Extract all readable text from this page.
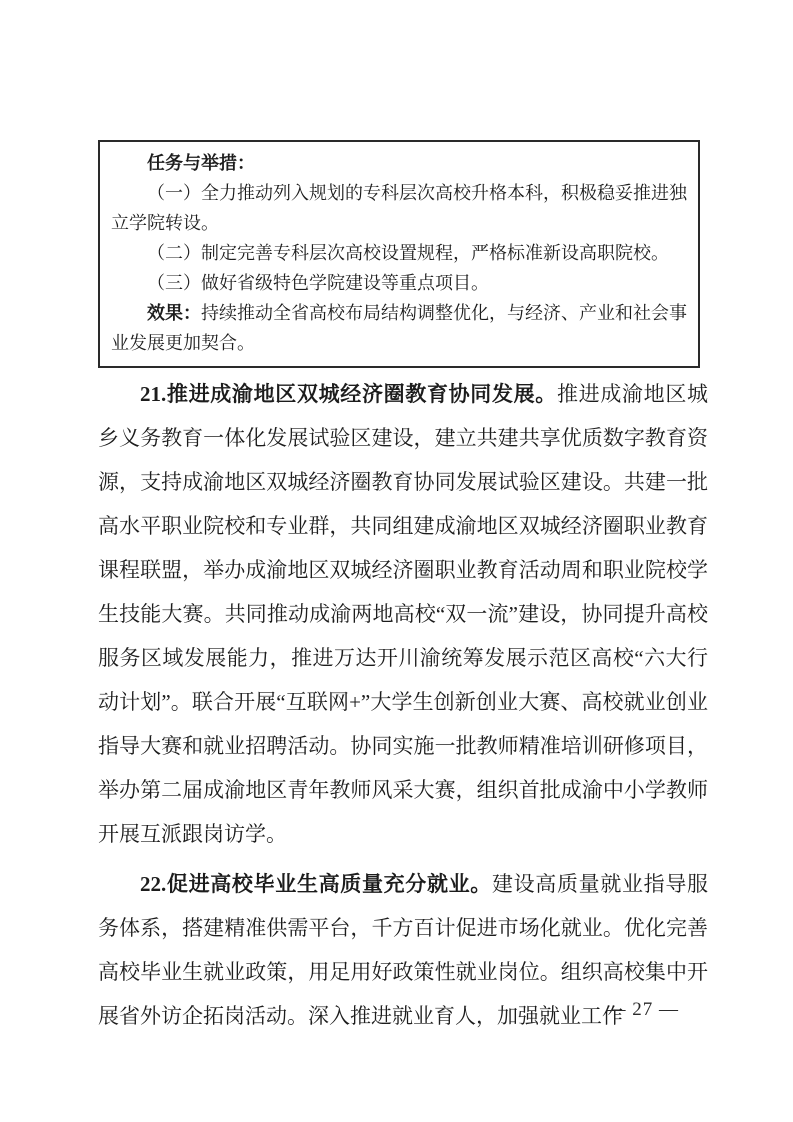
任务与举措：

（一）全力推动列入规划的专科层次高校升格本科，积极稳妥推进独立学院转设。

（二）制定完善专科层次高校设置规程，严格标准新设高职院校。

（三）做好省级特色学院建设等重点项目。

效果：持续推动全省高校布局结构调整优化，与经济、产业和社会事业发展更加契合。

21.推进成渝地区双城经济圈教育协同发展。推进成渝地区城乡义务教育一体化发展试验区建设，建立共建共享优质数字教育资源，支持成渝地区双城经济圈教育协同发展试验区建设。共建一批高水平职业院校和专业群，共同组建成渝地区双城经济圈职业教育课程联盟，举办成渝地区双城经济圈职业教育活动周和职业院校学生技能大赛。共同推动成渝两地高校“双一流”建设，协同提升高校服务区域发展能力，推进万达开川渝统筹发展示范区高校“六大行动计划”。联合开展“互联网+”大学生创新创业大赛、高校就业创业指导大赛和就业招聘活动。协同实施一批教师精准培训研修项目，举办第二届成渝地区青年教师风采大赛，组织首批成渝中小学教师开展互派跟岗访学。

22.促进高校毕业生高质量充分就业。建设高质量就业指导服务体系，搭建精准供需平台，千方百计促进市场化就业。优化完善高校毕业生就业政策，用足用好政策性就业岗位。组织高校集中开展省外访企拓岗活动。深入推进就业育人，加强就业工作

— 27 —
